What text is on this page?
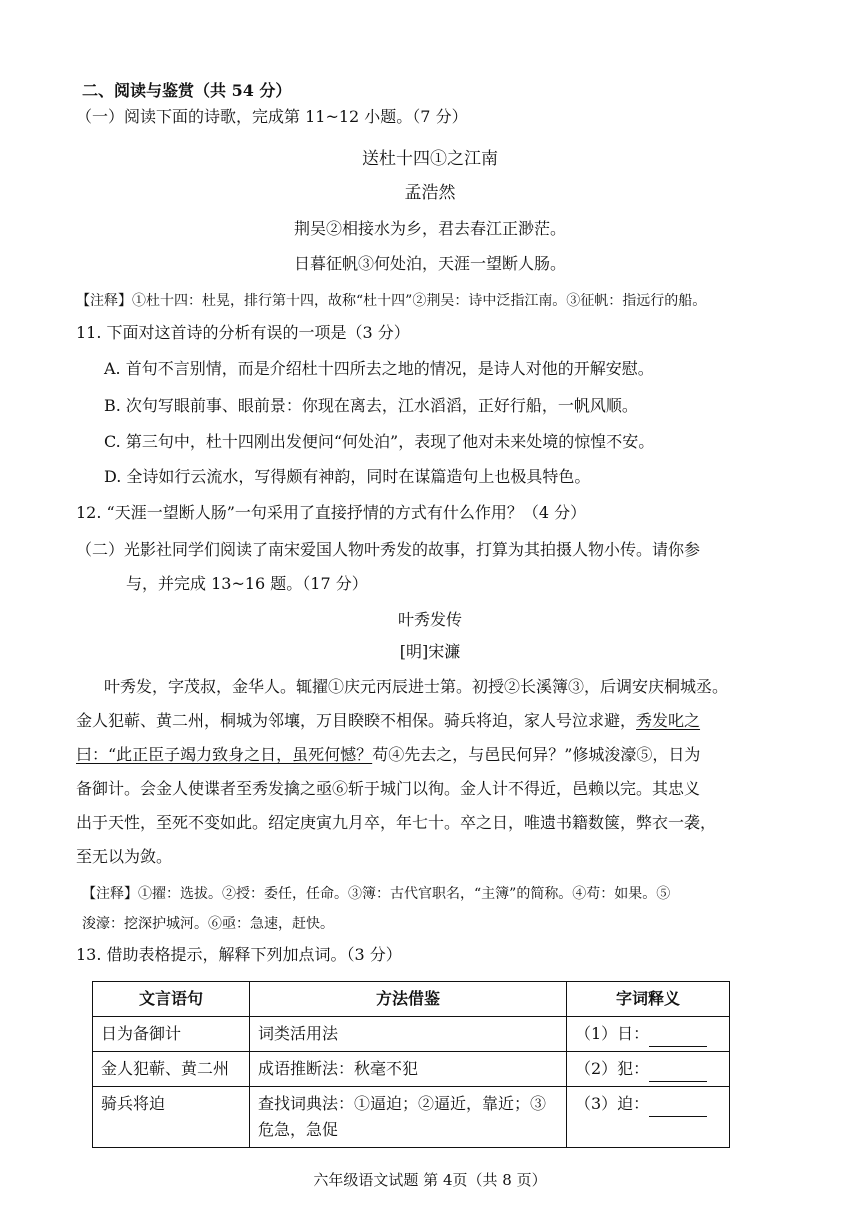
二、阅读与鉴赏（共 54 分）
（一）阅读下面的诗歌，完成第 11~12 小题。（7 分）
送杜十四①之江南
孟浩然
荆吴②相接水为乡，君去春江正渺茫。
日暮征帆③何处泊，天涯一望断人肠。
【注释】①杜十四：杜晃，排行第十四，故称“杜十四”②荆吴：诗中泛指江南。③征帆：指远行的船。
11. 下面对这首诗的分析有误的一项是（3 分）
A. 首句不言别情，而是介绍杜十四所去之地的情况，是诗人对他的开解安慰。
B. 次句写眼前事、眼前景：你现在离去，江水滔滔，正好行船，一帆风顺。
C. 第三句中，杜十四刚出发便问“何处泊”，表现了他对未来处境的惊惶不安。
D. 全诗如行云流水，写得颇有神韵，同时在谋篇造句上也极具特色。
12. “天涯一望断人肠”一句采用了直接抒情的方式有什么作用？（4 分）
（二）光影社同学们阅读了南宋爱国人物叶秀发的故事，打算为其拍摄人物小传。请你参
与，并完成 13~16 题。（17 分）
叶秀发传
[明]宋濂
叶秀发，字茂叔，金华人。辄擢①庆元丙辰进士第。初授②长溪簿③，后调安庆桐城丞。
金人犯蕲、黄二州，桐城为邻壤，万目睽睽不相保。骑兵将迫，家人号泣求避，秀发叱之
曰：“此正臣子竭力致身之日，虽死何憾？苟④先去之，与邑民何异？”修城浚濠⑤，日为
备御计。会金人使谍者至秀发擒之亟⑥斩于城门以徇。金人计不得近，邑赖以完。其忠义
出于天性，至死不变如此。绍定庚寅九月卒，年七十。卒之日，唯遗书籍数箧，弊衣一袭，
至无以为敛。
【注释】①擢：选拔。②授：委任，任命。③簿：古代官职名，“主簿”的简称。④苟：如果。⑤
浚濠：挖深护城河。⑥亟：急速，赶快。
13. 借助表格提示，解释下列加点词。（3 分）
文言语句	方法借鉴	字词释义
日为备御计	词类活用法	（1）日：
金人犯蕲、黄二州	成语推断法：秋毫不犯	（2）犯：
骑兵将迫	查找词典法：①逼迫；②逼近，靠近；③危急，急促	（3）迫：
六年级语文试题 第 4页（共 8 页）
